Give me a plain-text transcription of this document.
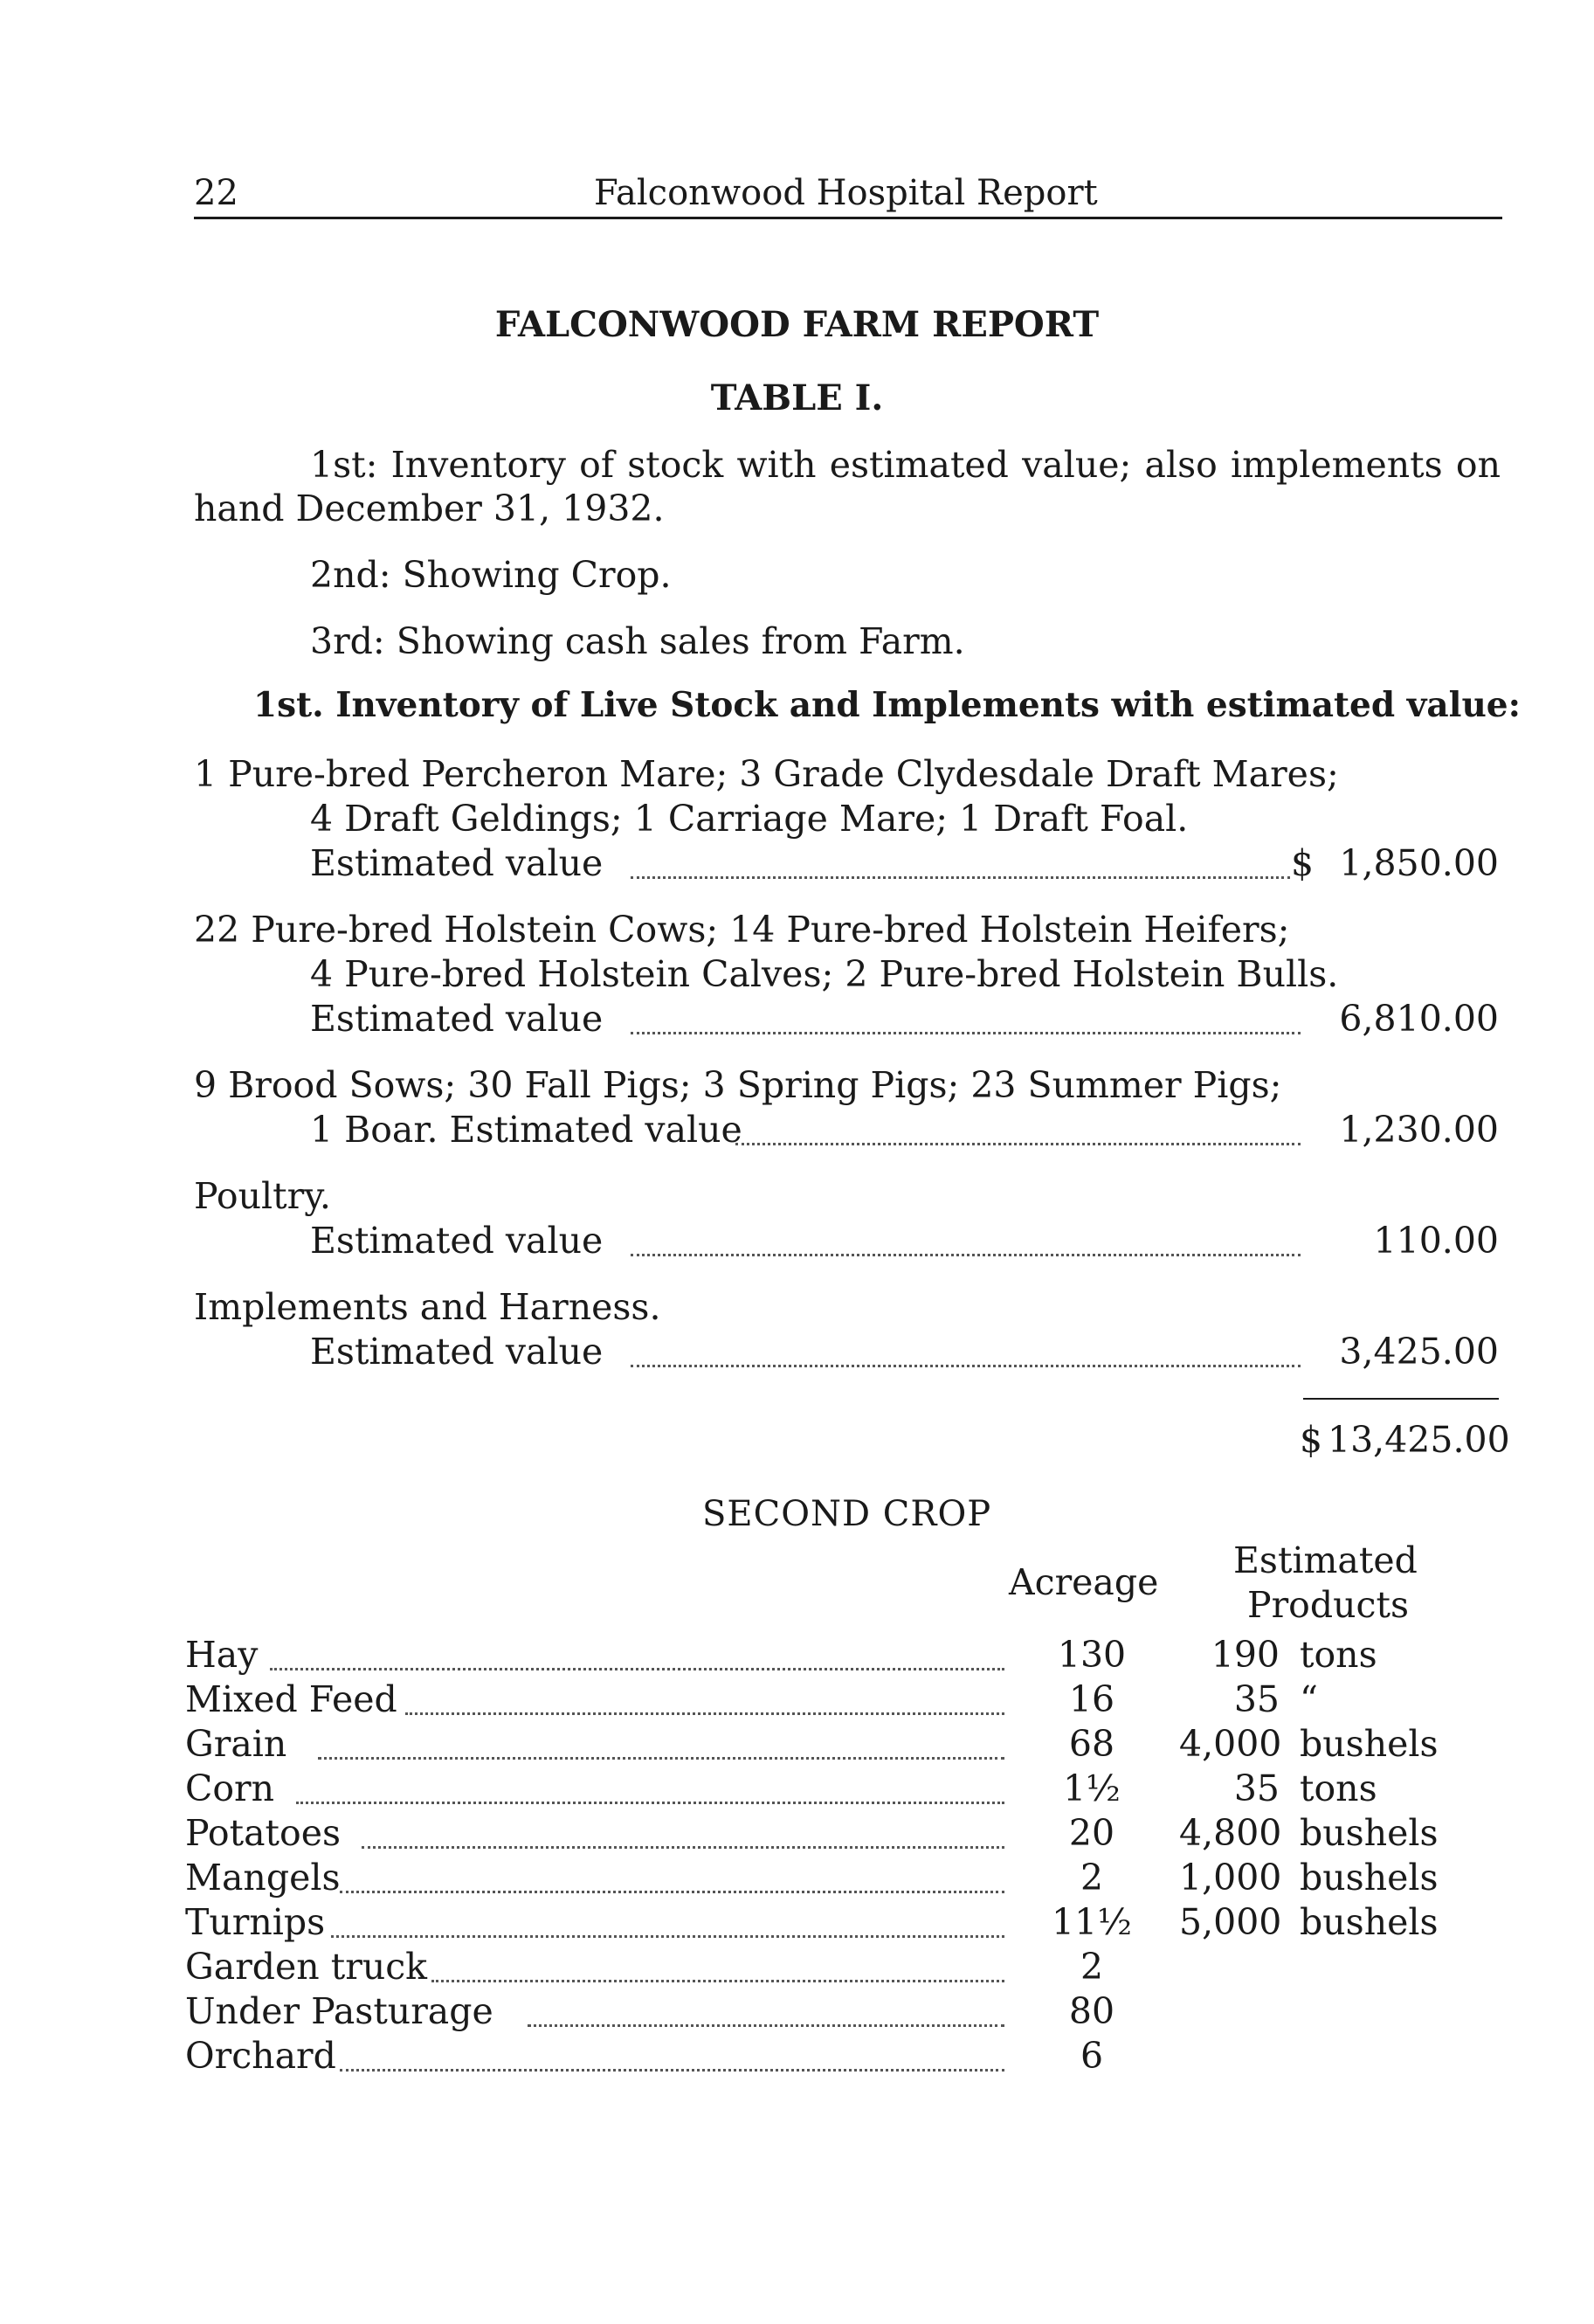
22	Falconwood Hospital Report
FALCONWOOD FARM REPORT
TABLE I.
1st: Inventory of stock with estimated value; also implements on
hand December 31, 1932.
2nd: Showing Crop.
3rd: Showing cash sales from Farm.
1st. Inventory of Live Stock and Implements with estimated value:
1 Pure-bred Percheron Mare; 3 Grade Clydesdale Draft Mares;
4 Draft Geldings; 1 Carriage Mare; 1 Draft Foal.
Estimated value	$ 1,850.00
22 Pure-bred Holstein Cows; 14 Pure-bred Holstein Heifers;
4 Pure-bred Holstein Calves; 2 Pure-bred Holstein Bulls.
Estimated value	6,810.00
9 Brood Sows; 30 Fall Pigs; 3 Spring Pigs; 23 Summer Pigs;
1 Boar. Estimated value	1,230.00
Poultry.
Estimated value	110.00
Implements and Harness.
Estimated value	3,425.00
$ 13,425.00
SECOND CROP
Acreage
Estimated
Products
Hay	130	190 tons
Mixed Feed	16	35 “
Grain	68	4,000 bushels
Corn	1½	35 tons
Potatoes	20	4,800 bushels
Mangels	2	1,000 bushels
Turnips	11½	5,000 bushels
Garden truck	2
Under Pasturage	80
Orchard	6
